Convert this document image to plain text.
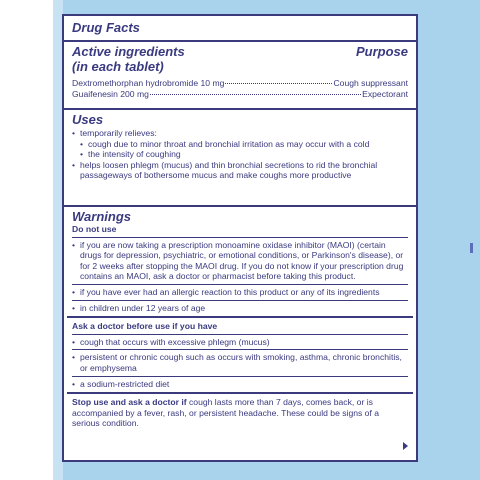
Drug Facts
Active ingredients	Purpose
(in each tablet)
Dextromethorphan hydrobromide 10 mg	Cough suppressant
Guaifenesin 200 mg	Expectorant
Uses
• temporarily relieves:
• cough due to minor throat and bronchial irritation as may occur with a cold
• the intensity of coughing
• helps loosen phlegm (mucus) and thin bronchial secretions to rid the bronchial passageways of bothersome mucus and make coughs more productive
Warnings
Do not use
• if you are now taking a prescription monoamine oxidase inhibitor (MAOI) (certain drugs for depression, psychiatric, or emotional conditions, or Parkinson's disease), or for 2 weeks after stopping the MAOI drug. If you do not know if your prescription drug contains an MAOI, ask a doctor or pharmacist before taking this product.
• if you have ever had an allergic reaction to this product or any of its ingredients
• in children under 12 years of age
Ask a doctor before use if you have
• cough that occurs with excessive phlegm (mucus)
• persistent or chronic cough such as occurs with smoking, asthma, chronic bronchitis, or emphysema
• a sodium-restricted diet
Stop use and ask a doctor if cough lasts more than 7 days, comes back, or is accompanied by a fever, rash, or persistent headache. These could be signs of a serious condition.
